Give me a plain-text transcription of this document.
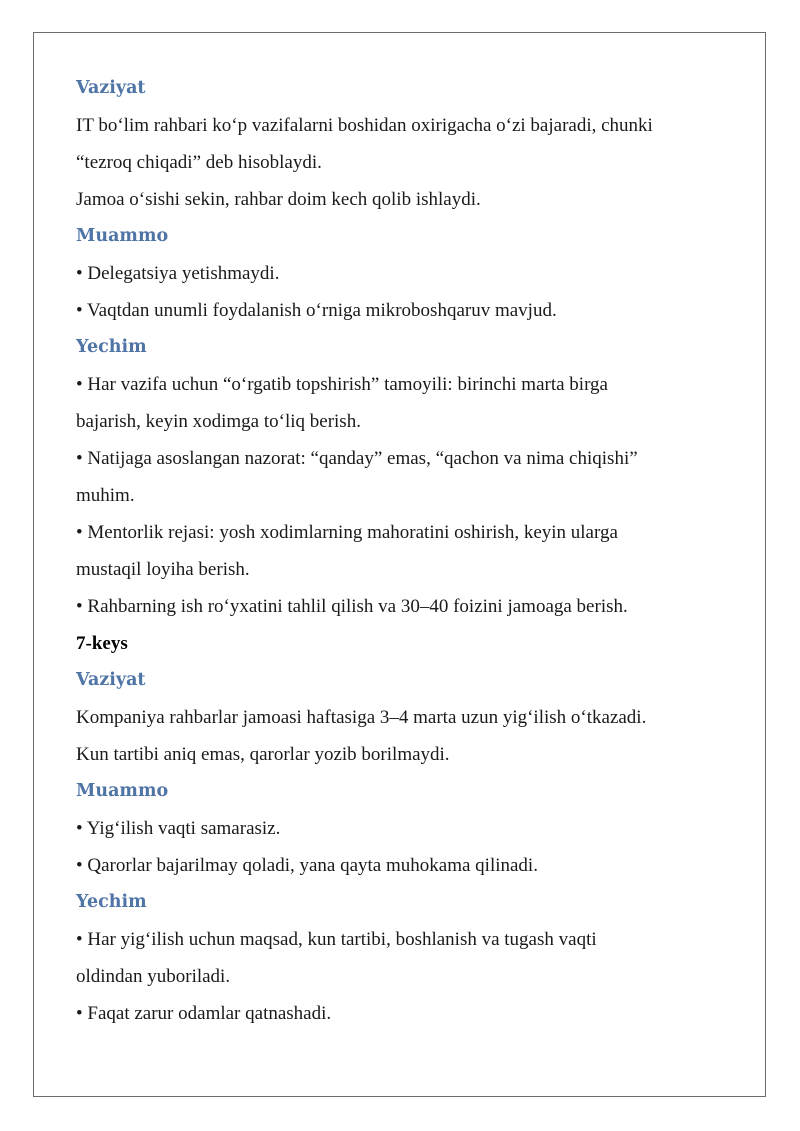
Vaziyat
IT bo‘lim rahbari ko‘p vazifalarni boshidan oxirigacha o‘zi bajaradi, chunki
“tezroq chiqadi” deb hisoblaydi.
Jamoa o‘sishi sekin, rahbar doim kech qolib ishlaydi.
Muammo
• Delegatsiya yetishmaydi.
• Vaqtdan unumli foydalanish o‘rniga mikroboshqaruv mavjud.
Yechim
• Har vazifa uchun “o‘rgatib topshirish” tamoyili: birinchi marta birga
bajarish, keyin xodimga to‘liq berish.
• Natijaga asoslangan nazorat: “qanday” emas, “qachon va nima chiqishi”
muhim.
• Mentorlik rejasi: yosh xodimlarning mahoratini oshirish, keyin ularga
mustaqil loyiha berish.
• Rahbarning ish ro‘yxatini tahlil qilish va 30–40 foizini jamoaga berish.
7-keys
Vaziyat
Kompaniya rahbarlar jamoasi haftasiga 3–4 marta uzun yig‘ilish o‘tkazadi.
Kun tartibi aniq emas, qarorlar yozib borilmaydi.
Muammo
• Yig‘ilish vaqti samarasiz.
• Qarorlar bajarilmay qoladi, yana qayta muhokama qilinadi.
Yechim
• Har yig‘ilish uchun maqsad, kun tartibi, boshlanish va tugash vaqti
oldindan yuboriladi.
• Faqat zarur odamlar qatnashadi.
